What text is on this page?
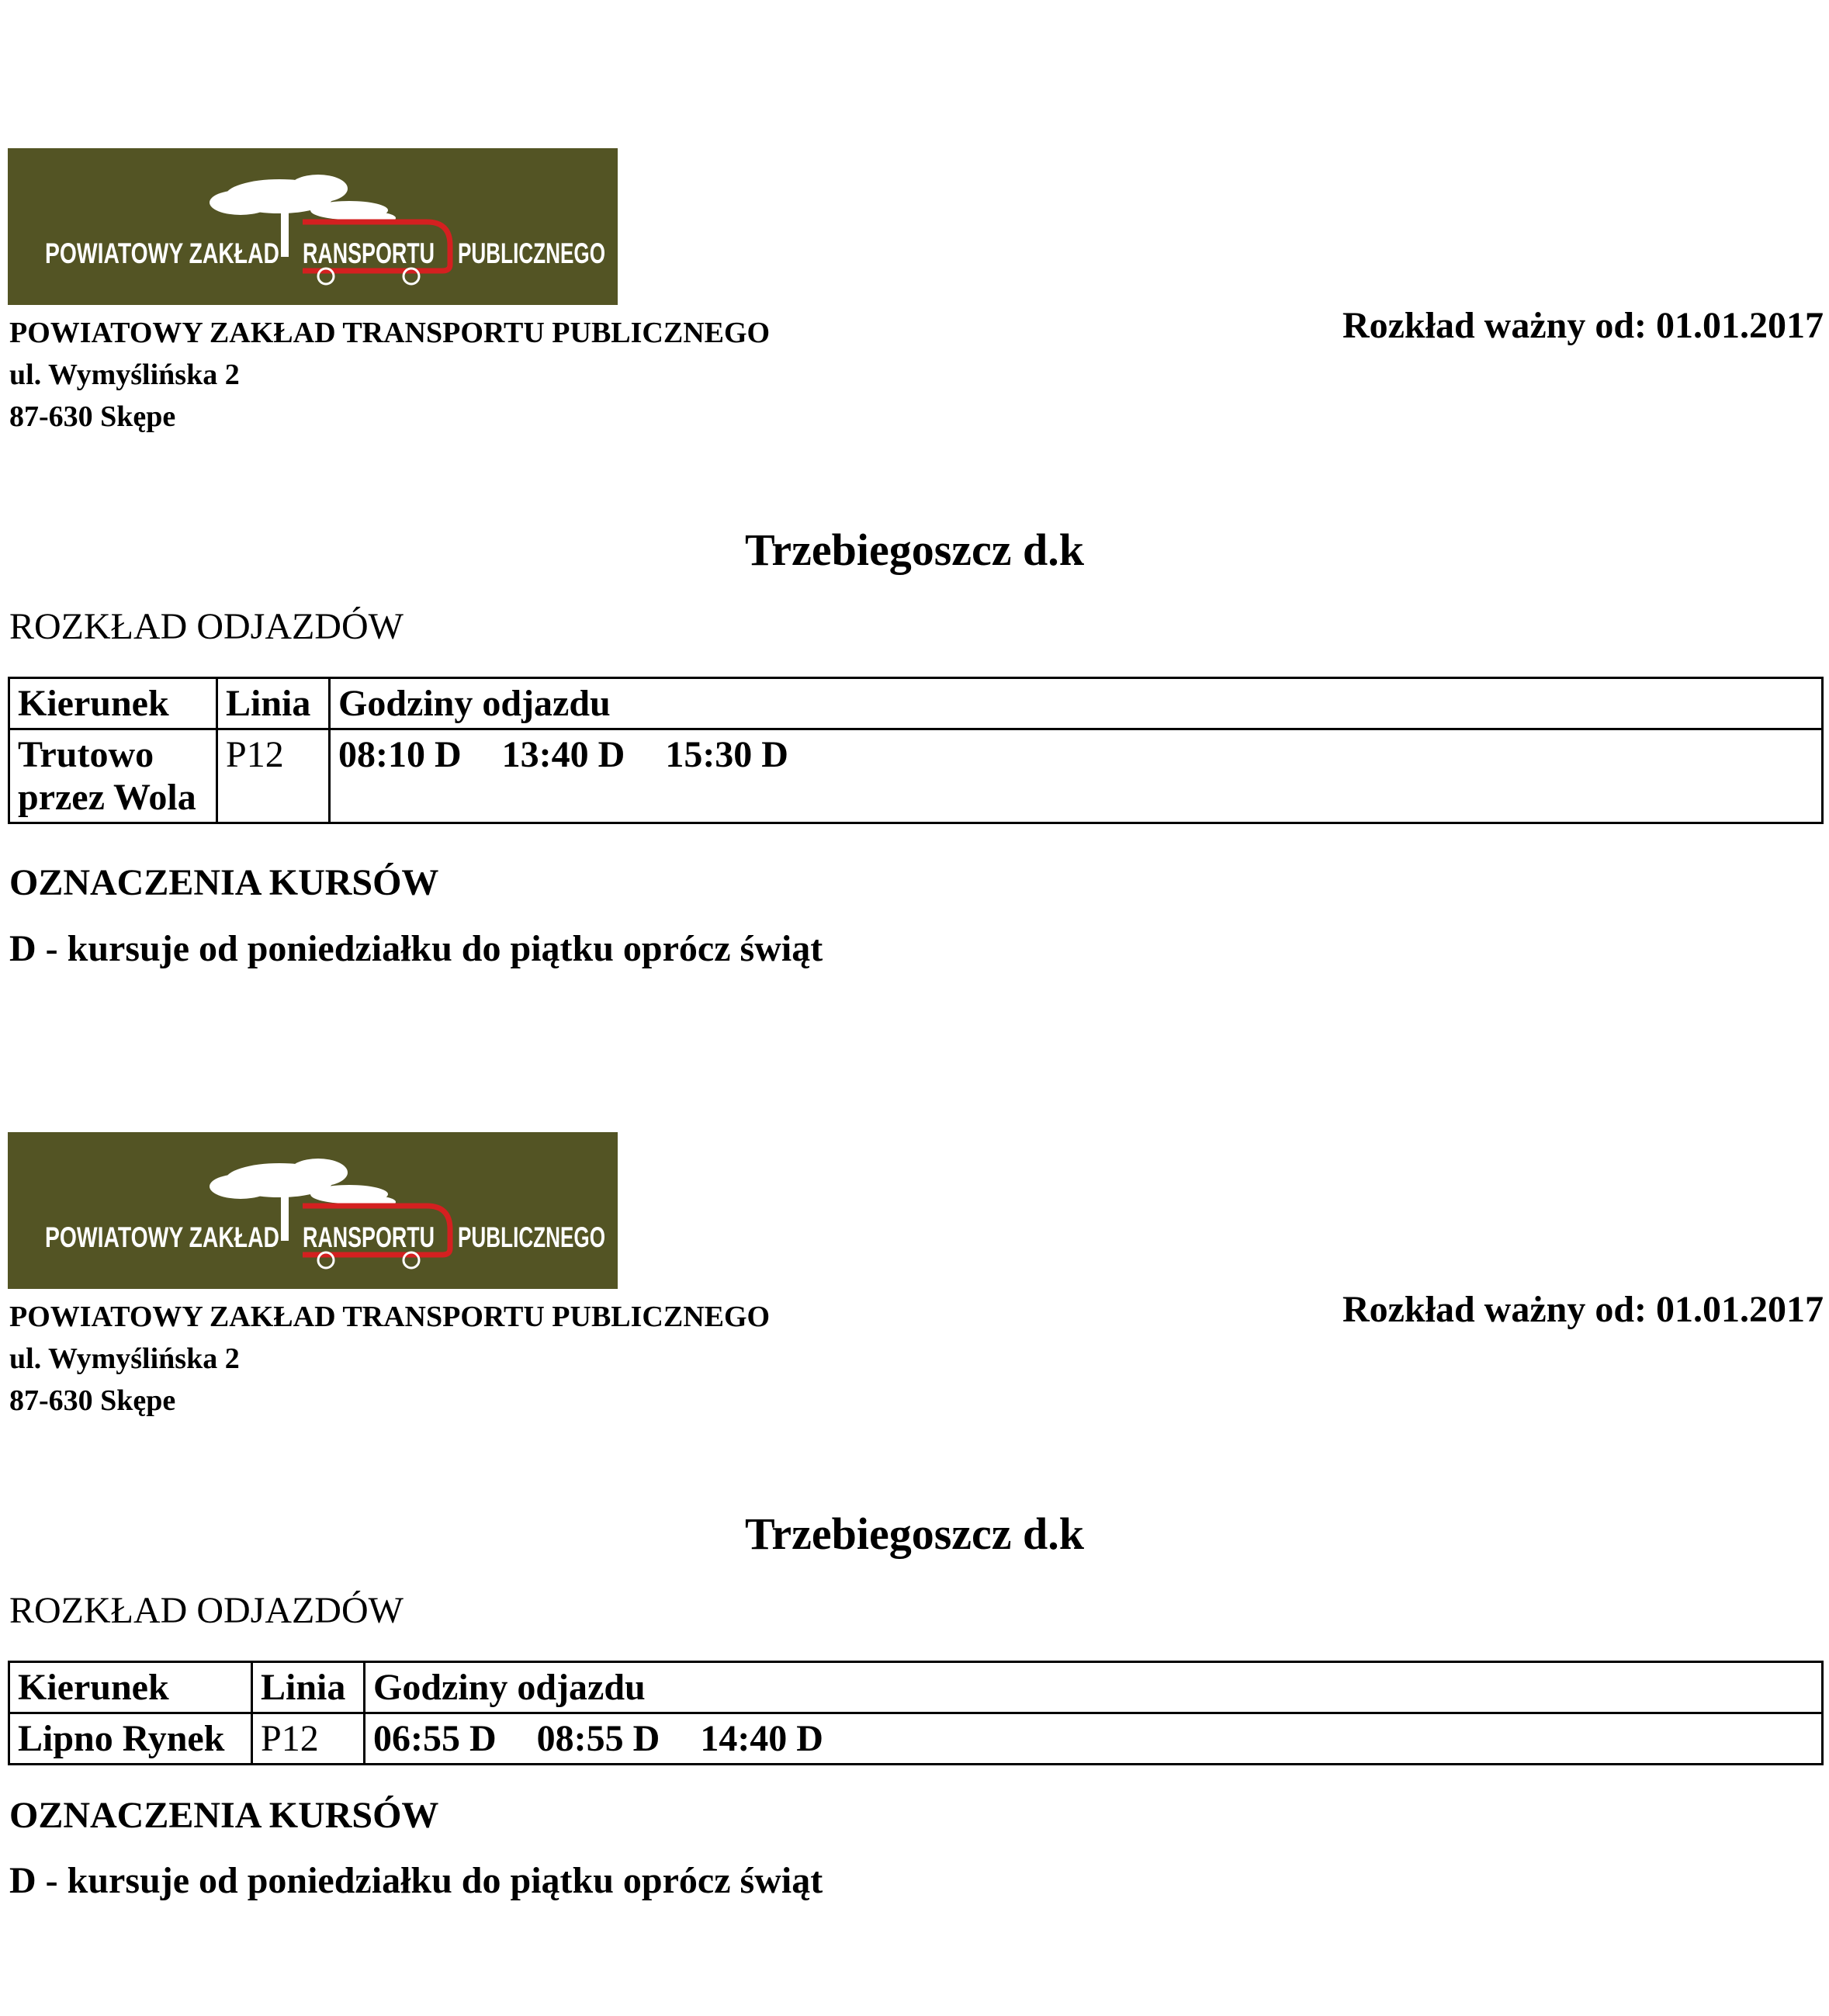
POWIATOWY ZAKŁAD RANSPORTU PUBLICZNEGO
POWIATOWY ZAKŁAD TRANSPORTU PUBLICZNEGO
ul. Wymyślińska 2
87-630 Skępe
Rozkład ważny od: 01.01.2017
Trzebiegoszcz d.k
ROZKŁAD ODJAZDÓW
Kierunek	Linia	Godziny odjazdu

Trutowo
przez Wola	P12	08:10 D 13:40 D 15:30 D
OZNACZENIA KURSÓW
D - kursuje od poniedziałku do piątku oprócz świąt
POWIATOWY ZAKŁAD RANSPORTU PUBLICZNEGO
POWIATOWY ZAKŁAD TRANSPORTU PUBLICZNEGO
ul. Wymyślińska 2
87-630 Skępe
Rozkład ważny od: 01.01.2017
Trzebiegoszcz d.k
ROZKŁAD ODJAZDÓW
Kierunek	Linia	Godziny odjazdu

Lipno Rynek	P12	06:55 D 08:55 D 14:40 D
OZNACZENIA KURSÓW
D - kursuje od poniedziałku do piątku oprócz świąt
